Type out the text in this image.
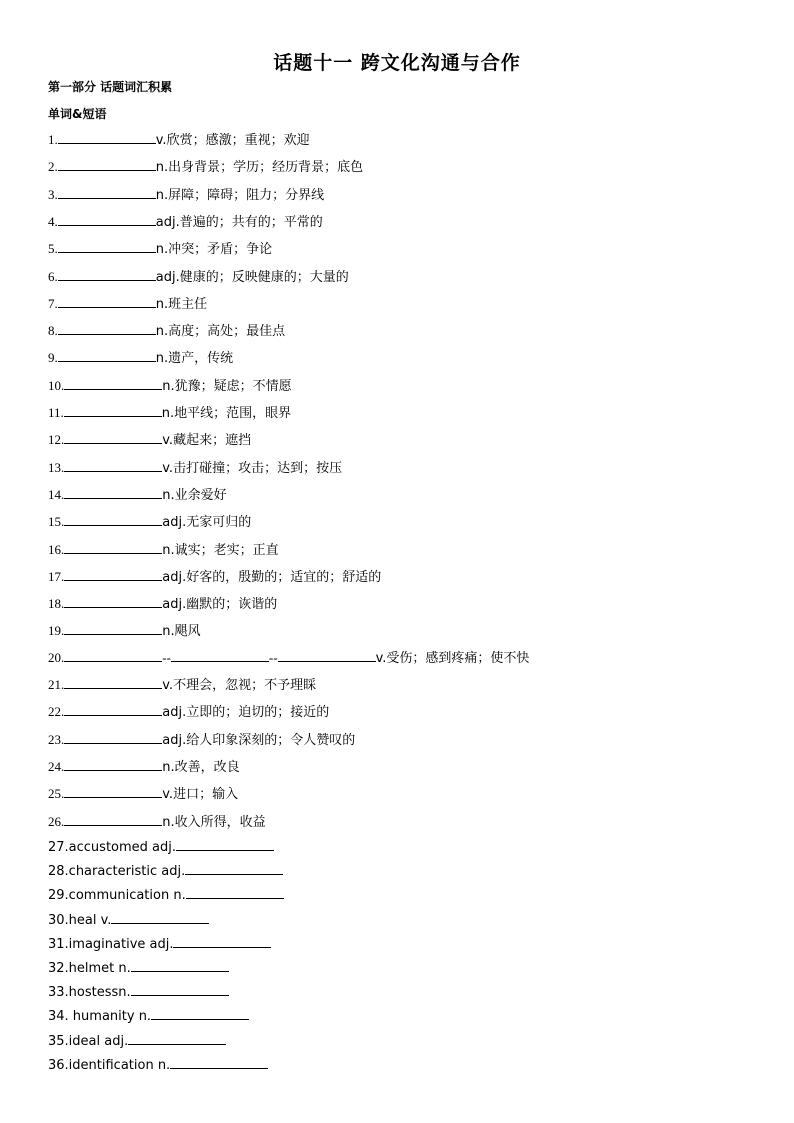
话题十一 跨文化沟通与合作
第一部分 话题词汇积累
单词&短语
1.	v.欣赏；感激；重视；欢迎
2.	n.出身背景；学历；经历背景；底色
3.	n.屏障；障碍；阻力；分界线
4.	adj.普遍的；共有的；平常的
5.	n.冲突；矛盾；争论
6.	adj.健康的；反映健康的；大量的
7.	n.班主任
8.	n.高度；高处；最佳点
9.	n.遗产，传统
10.	n.犹豫；疑虑；不情愿
11.	n.地平线；范围，眼界
12.	v.藏起来；遮挡
13.	v.击打碰撞；攻击；达到；按压
14.	n.业余爱好
15.	adj.无家可归的
16.	n.诚实；老实；正直
17.	adj.好客的，殷勤的；适宜的；舒适的
18.	adj.幽默的；诙谐的
19.	n.飓风
20.	--	--	v.受伤；感到疼痛；使不快
21.	v.不理会，忽视；不予理睬
22.	adj.立即的；迫切的；接近的
23.	adj.给人印象深刻的；令人赞叹的
24.	n.改善，改良
25.	v.进口；输入
26.	n.收入所得，收益
27.accustomed adj.
28.characteristic adj.
29.communication n.
30.heal v.
31.imaginative adj.
32.helmet n.
33.hostessn.
34. humanity n.
35.ideal adj.
36.identification n.
